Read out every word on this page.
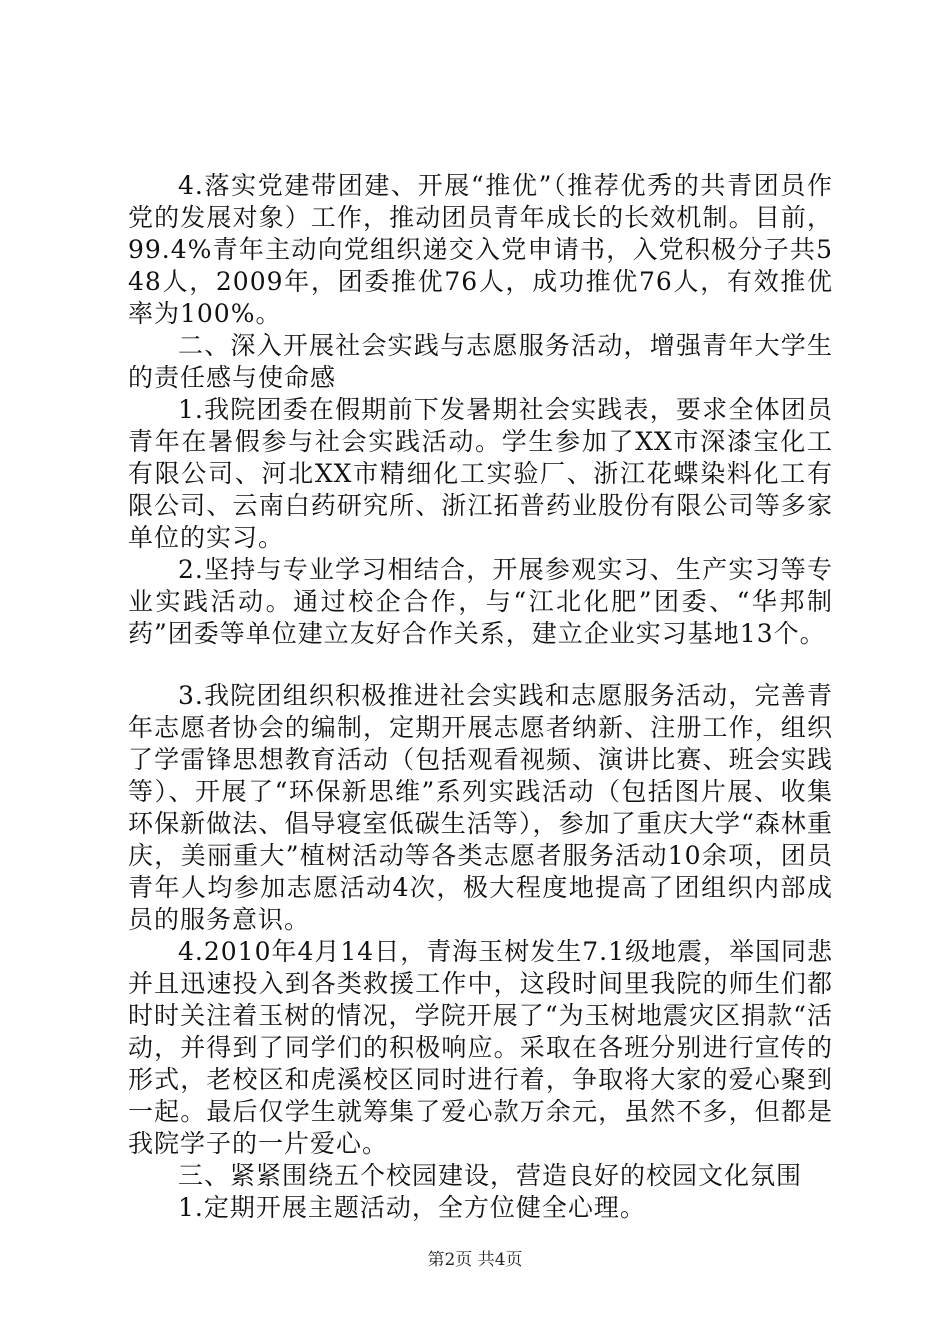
4.落实党建带团建、开展“推优”（推荐优秀的共青团员作党的发展对象）工作，推动团员青年成长的长效机制。目前，99.4%青年主动向党组织递交入党申请书，入党积极分子共548人，2009年，团委推优76人，成功推优76人，有效推优率为100%。

二、深入开展社会实践与志愿服务活动，增强青年大学生的责任感与使命感

1.我院团委在假期前下发暑期社会实践表，要求全体团员青年在暑假参与社会实践活动。学生参加了XX市深漆宝化工有限公司、河北XX市精细化工实验厂、浙江花蝶染料化工有限公司、云南白药研究所、浙江拓普药业股份有限公司等多家单位的实习。

2.坚持与专业学习相结合，开展参观实习、生产实习等专业实践活动。通过校企合作，与“江北化肥”团委、“华邦制药”团委等单位建立友好合作关系，建立企业实习基地13个。

3.我院团组织积极推进社会实践和志愿服务活动，完善青年志愿者协会的编制，定期开展志愿者纳新、注册工作，组织了学雷锋思想教育活动（包括观看视频、演讲比赛、班会实践等）、开展了“环保新思维”系列实践活动（包括图片展、收集环保新做法、倡导寝室低碳生活等），参加了重庆大学“森林重庆，美丽重大”植树活动等各类志愿者服务活动10余项，团员青年人均参加志愿活动4次，极大程度地提高了团组织内部成员的服务意识。

4.2010年4月14日，青海玉树发生7.1级地震，举国同悲并且迅速投入到各类救援工作中，这段时间里我院的师生们都时时关注着玉树的情况，学院开展了“为玉树地震灾区捐款“活动，并得到了同学们的积极响应。采取在各班分别进行宣传的形式，老校区和虎溪校区同时进行着，争取将大家的爱心聚到一起。最后仅学生就筹集了爱心款万余元，虽然不多，但都是我院学子的一片爱心。

三、紧紧围绕五个校园建设，营造良好的校园文化氛围

1.定期开展主题活动，全方位健全心理。

第2页 共4页
